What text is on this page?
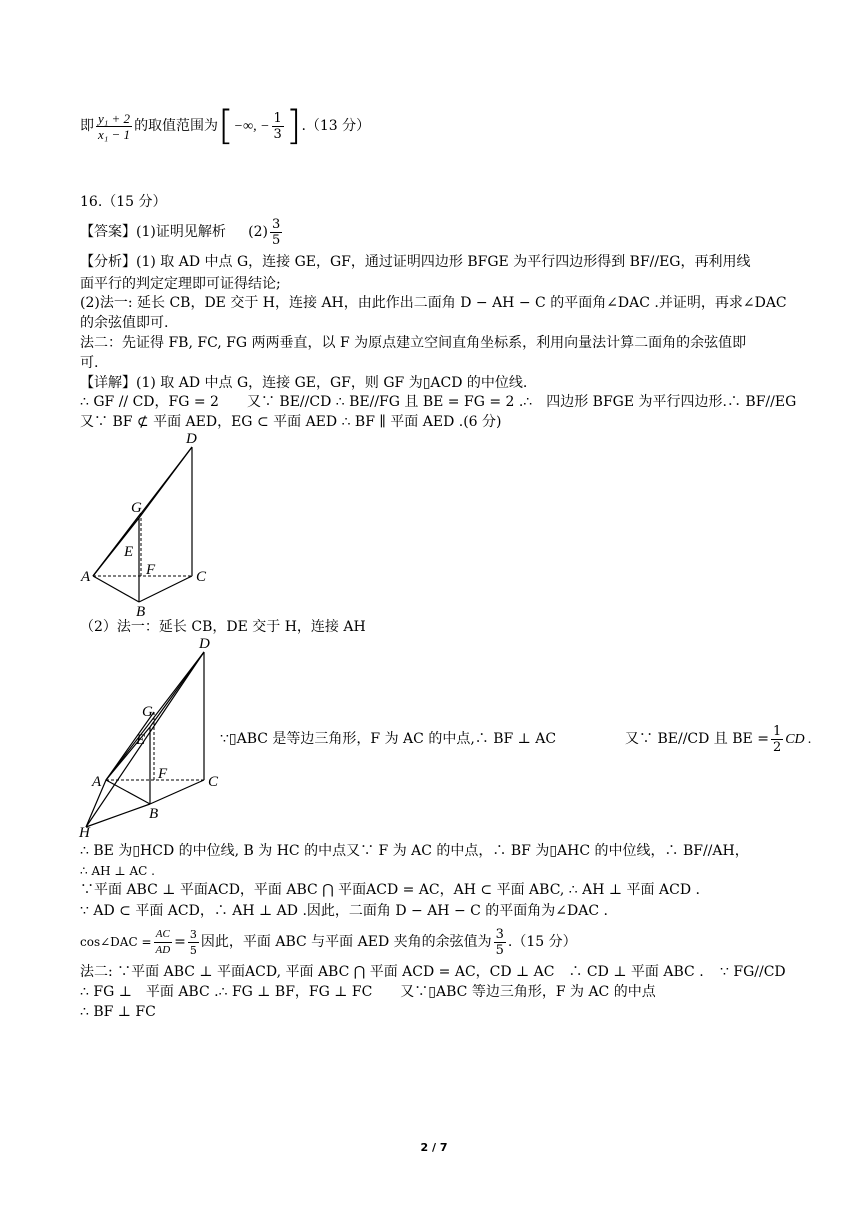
即 $\frac{\text{y₁ + 2}}{\text{x₁ − 1}}$ 的取值范围为[−∞, − $\frac{1}{3} ].(13$ 分）
16.（15 分）
【答案】(1)证明见解析 $(2) \frac{3}{5}$
【分析】(1) 取 AD 中点 G，连接 GE，GF，通过证明四边形 BFGE 为平行四边形得到 BF//EG，再利用线
面平行的判定定理即可证得结论;
(2)法一: 延长 CB，DE 交于 H，连接 AH，由此作出二面角 D − AH − C 的平面角∠DAC .并证明，再求∠DAC
的余弦值即可.
法二：先证得 FB, FC, FG 两两垂直，以 F 为原点建立空间直角坐标系，利用向量法计算二面角的余弦值即
可.
【详解】(1) 取 AD 中点 G，连接 GE，GF，则 GF 为▯ACD 的中位线.
∴ GF // CD，FG = 2　　又∵ BE//CD ∴ BE//FG 且 BE = FG = 2 .∴　四边形 BFGE 为平行四边形.∴ BF//EG
又∵ BF ⊄ 平面 AED，EG ⊂ 平面 AED ∴ BF ∥ 平面 AED .(6 分)
D
G
E
A	F	C
B
（2）法一：延长 CB，DE 交于 H，连接 AH
D
G
E
A	F	C
B
H
∵▯ABC 是等边三角形，F 为 AC 的中点,∴ BF ⊥ AC	又∵ BE//CD 且 BE = $\frac{1}{2}$ CD .
∴ BE 为▯HCD 的中位线, B 为 HC 的中点又∵ F 为 AC 的中点，∴ BF 为▯AHC 的中位线，∴ BF//AH，
∴ AH ⊥ AC .
∵平面 ABC ⊥ 平面ACD，平面 ABC ⋂ 平面ACD = AC，AH ⊂ 平面 ABC, ∴ AH ⊥ 平面 ACD .
∵ AD ⊂ 平面 ACD，∴ AH ⊥ AD .因此，二面角 D − AH − C 的平面角为∠DAC .
cos∠DAC = $\frac{AC}{AD} = \frac{3}{5}$ 因此，平面 ABC 与平面 AED 夹角的余弦值为 $\frac{3}{5} .(15$ 分）
法二: ∵平面 ABC ⊥ 平面ACD, 平面 ABC ⋂ 平面 ACD = AC，CD ⊥ AC　∴ CD ⊥ 平面 ABC . ∵ FG//CD
∴ FG ⊥　平面 ABC .∴ FG ⊥ BF，FG ⊥ FC　　又∵▯ABC 等边三角形，F 为 AC 的中点
∴ BF ⊥ FC
2 / 7
